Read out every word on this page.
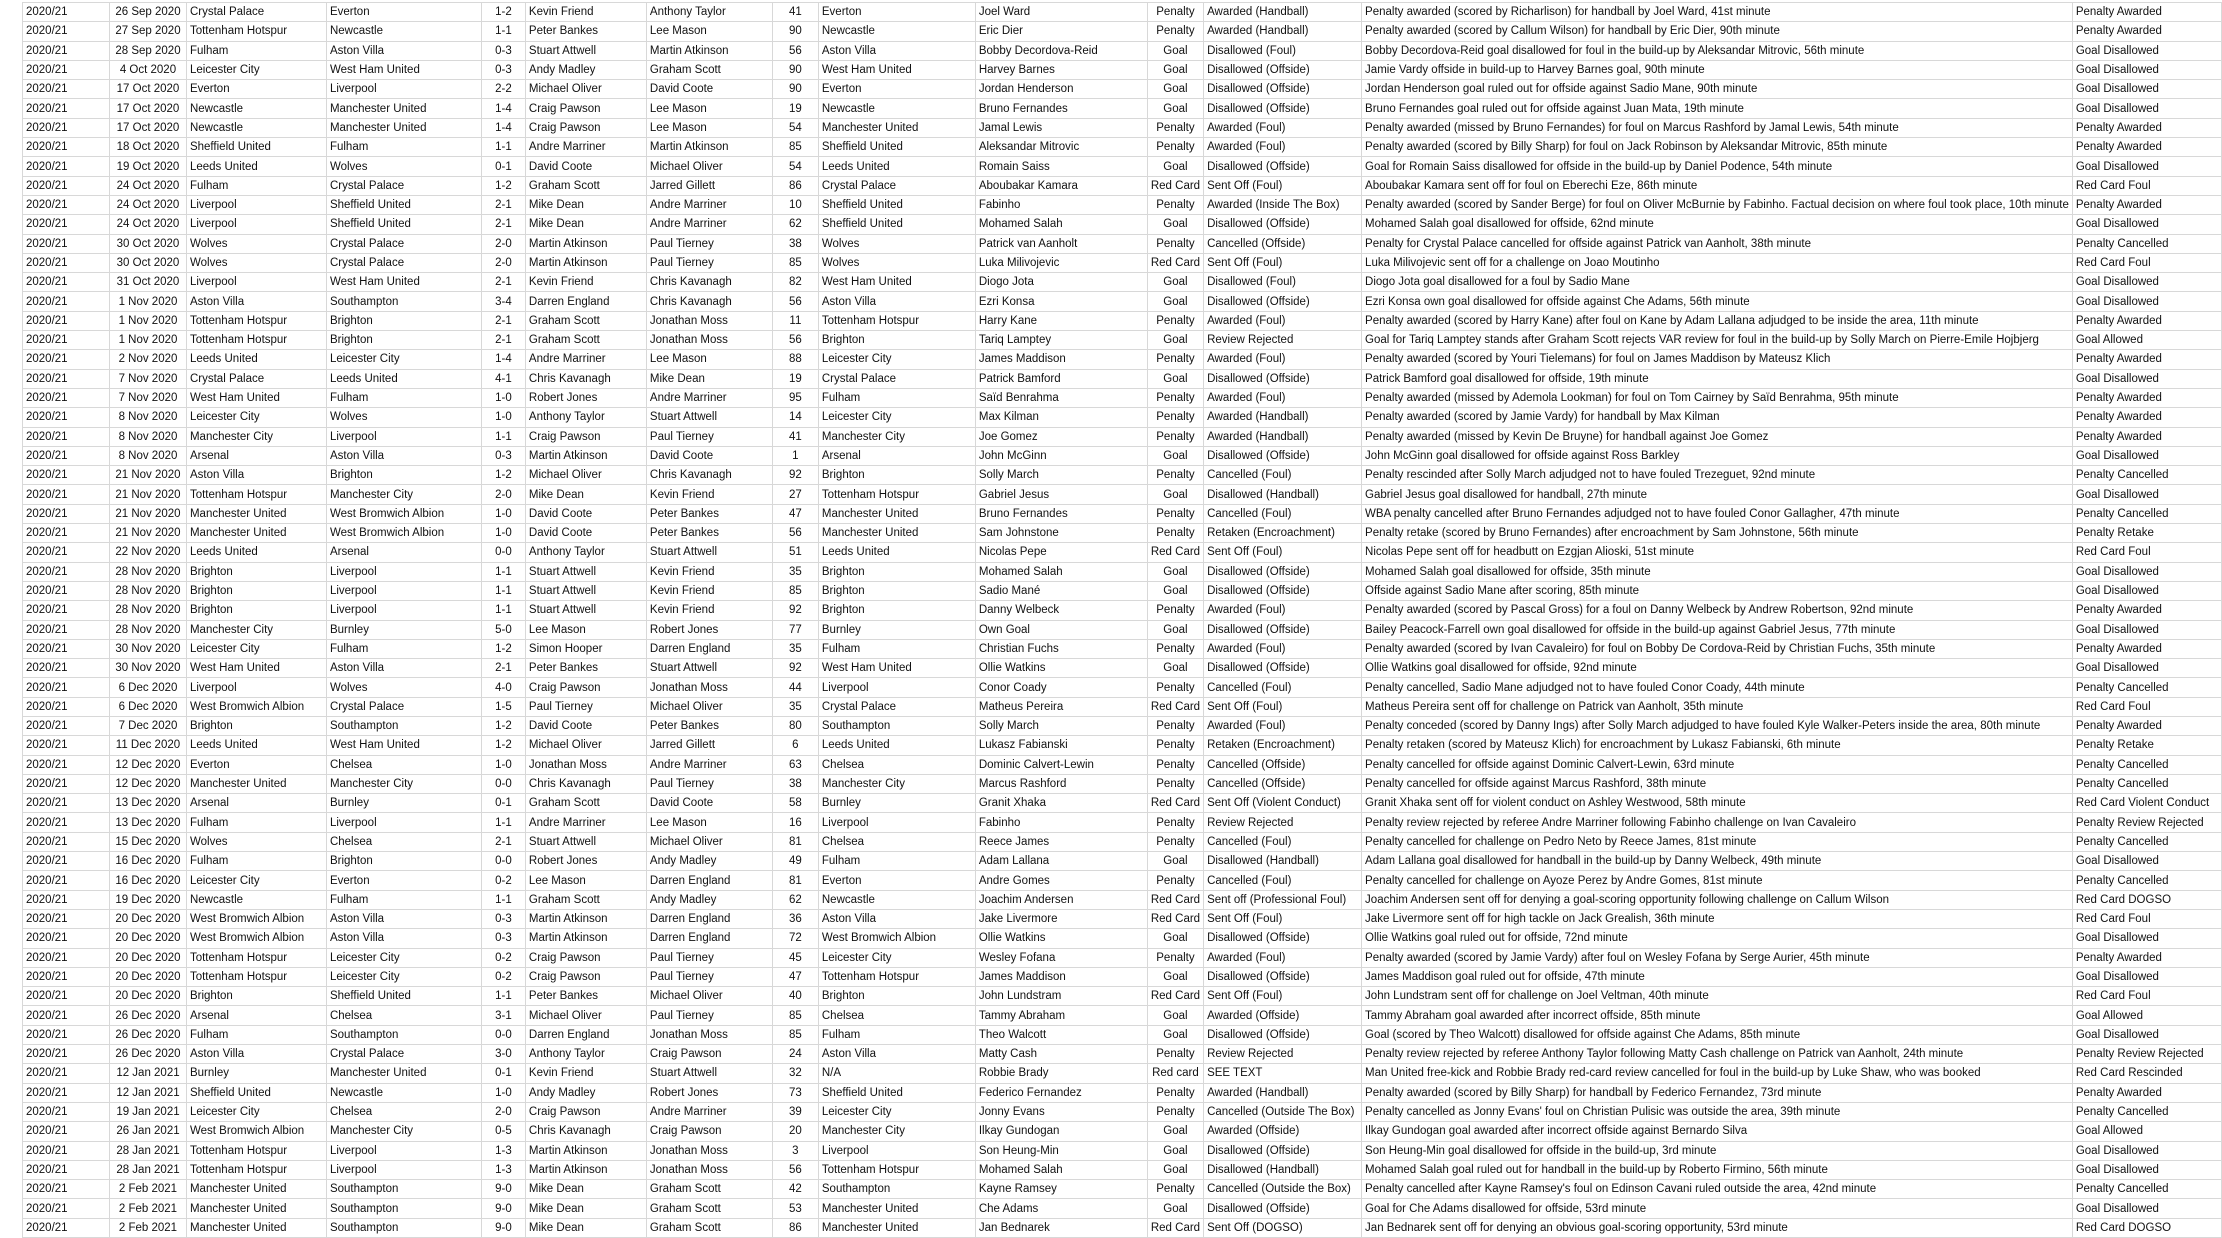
2020/21	26 Sep 2020	Crystal Palace	Everton	1-2	Kevin Friend	Anthony Taylor	41	Everton	Joel Ward	Penalty	Awarded (Handball)	Penalty awarded (scored by Richarlison) for handball by Joel Ward, 41st minute	Penalty Awarded
2020/21	27 Sep 2020	Tottenham Hotspur	Newcastle	1-1	Peter Bankes	Lee Mason	90	Newcastle	Eric Dier	Penalty	Awarded (Handball)	Penalty awarded (scored by Callum Wilson) for handball by Eric Dier, 90th minute	Penalty Awarded
2020/21	28 Sep 2020	Fulham	Aston Villa	0-3	Stuart Attwell	Martin Atkinson	56	Aston Villa	Bobby Decordova-Reid	Goal	Disallowed (Foul)	Bobby Decordova-Reid goal disallowed for foul in the build-up by Aleksandar Mitrovic, 56th minute	Goal Disallowed
2020/21	4 Oct 2020	Leicester City	West Ham United	0-3	Andy Madley	Graham Scott	90	West Ham United	Harvey Barnes	Goal	Disallowed (Offside)	Jamie Vardy offside in build-up to Harvey Barnes goal, 90th minute	Goal Disallowed
2020/21	17 Oct 2020	Everton	Liverpool	2-2	Michael Oliver	David Coote	90	Everton	Jordan Henderson	Goal	Disallowed (Offside)	Jordan Henderson goal ruled out for offside against Sadio Mane, 90th minute	Goal Disallowed
2020/21	17 Oct 2020	Newcastle	Manchester United	1-4	Craig Pawson	Lee Mason	19	Newcastle	Bruno Fernandes	Goal	Disallowed (Offside)	Bruno Fernandes goal ruled out for offside against Juan Mata, 19th minute	Goal Disallowed
2020/21	17 Oct 2020	Newcastle	Manchester United	1-4	Craig Pawson	Lee Mason	54	Manchester United	Jamal Lewis	Penalty	Awarded (Foul)	Penalty awarded (missed by Bruno Fernandes) for foul on Marcus Rashford by Jamal Lewis, 54th minute	Penalty Awarded
2020/21	18 Oct 2020	Sheffield United	Fulham	1-1	Andre Marriner	Martin Atkinson	85	Sheffield United	Aleksandar Mitrovic	Penalty	Awarded (Foul)	Penalty awarded (scored by Billy Sharp) for foul on Jack Robinson by Aleksandar Mitrovic, 85th minute	Penalty Awarded
2020/21	19 Oct 2020	Leeds United	Wolves	0-1	David Coote	Michael Oliver	54	Leeds United	Romain Saiss	Goal	Disallowed (Offside)	Goal for Romain Saiss disallowed for offside in the build-up by Daniel Podence, 54th minute	Goal Disallowed
2020/21	24 Oct 2020	Fulham	Crystal Palace	1-2	Graham Scott	Jarred Gillett	86	Crystal Palace	Aboubakar Kamara	Red Card	Sent Off (Foul)	Aboubakar Kamara sent off for foul on Eberechi Eze, 86th minute	Red Card Foul
2020/21	24 Oct 2020	Liverpool	Sheffield United	2-1	Mike Dean	Andre Marriner	10	Sheffield United	Fabinho	Penalty	Awarded (Inside The Box)	Penalty awarded (scored by Sander Berge) for foul on Oliver McBurnie by Fabinho. Factual decision on where foul took place, 10th minute	Penalty Awarded
2020/21	24 Oct 2020	Liverpool	Sheffield United	2-1	Mike Dean	Andre Marriner	62	Sheffield United	Mohamed Salah	Goal	Disallowed (Offside)	Mohamed Salah goal disallowed for offside, 62nd minute	Goal Disallowed
2020/21	30 Oct 2020	Wolves	Crystal Palace	2-0	Martin Atkinson	Paul Tierney	38	Wolves	Patrick van Aanholt	Penalty	Cancelled (Offside)	Penalty for Crystal Palace cancelled for offside against Patrick van Aanholt, 38th minute	Penalty Cancelled
2020/21	30 Oct 2020	Wolves	Crystal Palace	2-0	Martin Atkinson	Paul Tierney	85	Wolves	Luka Milivojevic	Red Card	Sent Off (Foul)	Luka Milivojevic sent off for a challenge on Joao Moutinho	Red Card Foul
2020/21	31 Oct 2020	Liverpool	West Ham United	2-1	Kevin Friend	Chris Kavanagh	82	West Ham United	Diogo Jota	Goal	Disallowed (Foul)	Diogo Jota goal disallowed for a foul by Sadio Mane	Goal Disallowed
2020/21	1 Nov 2020	Aston Villa	Southampton	3-4	Darren England	Chris Kavanagh	56	Aston Villa	Ezri Konsa	Goal	Disallowed (Offside)	Ezri Konsa own goal disallowed for offside against Che Adams, 56th minute	Goal Disallowed
2020/21	1 Nov 2020	Tottenham Hotspur	Brighton	2-1	Graham Scott	Jonathan Moss	11	Tottenham Hotspur	Harry Kane	Penalty	Awarded (Foul)	Penalty awarded (scored by Harry Kane) after foul on Kane by Adam Lallana adjudged to be inside the area, 11th minute	Penalty Awarded
2020/21	1 Nov 2020	Tottenham Hotspur	Brighton	2-1	Graham Scott	Jonathan Moss	56	Brighton	Tariq Lamptey	Goal	Review Rejected	Goal for Tariq Lamptey stands after Graham Scott rejects VAR review for foul in the build-up by Solly March on Pierre-Emile Hojbjerg	Goal Allowed
2020/21	2 Nov 2020	Leeds United	Leicester City	1-4	Andre Marriner	Lee Mason	88	Leicester City	James Maddison	Penalty	Awarded (Foul)	Penalty awarded (scored by Youri Tielemans) for foul on James Maddison by Mateusz Klich	Penalty Awarded
2020/21	7 Nov 2020	Crystal Palace	Leeds United	4-1	Chris Kavanagh	Mike Dean	19	Crystal Palace	Patrick Bamford	Goal	Disallowed (Offside)	Patrick Bamford goal disallowed for offside, 19th minute	Goal Disallowed
2020/21	7 Nov 2020	West Ham United	Fulham	1-0	Robert Jones	Andre Marriner	95	Fulham	Saïd Benrahma	Penalty	Awarded (Foul)	Penalty awarded (missed by Ademola Lookman) for foul on Tom Cairney by Saïd Benrahma, 95th minute	Penalty Awarded
2020/21	8 Nov 2020	Leicester City	Wolves	1-0	Anthony Taylor	Stuart Attwell	14	Leicester City	Max Kilman	Penalty	Awarded (Handball)	Penalty awarded (scored by Jamie Vardy) for handball by Max Kilman	Penalty Awarded
2020/21	8 Nov 2020	Manchester City	Liverpool	1-1	Craig Pawson	Paul Tierney	41	Manchester City	Joe Gomez	Penalty	Awarded (Handball)	Penalty awarded (missed by Kevin De Bruyne) for handball against Joe Gomez	Penalty Awarded
2020/21	8 Nov 2020	Arsenal	Aston Villa	0-3	Martin Atkinson	David Coote	1	Arsenal	John McGinn	Goal	Disallowed (Offside)	John McGinn goal disallowed for offside against Ross Barkley	Goal Disallowed
2020/21	21 Nov 2020	Aston Villa	Brighton	1-2	Michael Oliver	Chris Kavanagh	92	Brighton	Solly March	Penalty	Cancelled (Foul)	Penalty rescinded after Solly March adjudged not to have fouled Trezeguet, 92nd minute	Penalty Cancelled
2020/21	21 Nov 2020	Tottenham Hotspur	Manchester City	2-0	Mike Dean	Kevin Friend	27	Tottenham Hotspur	Gabriel Jesus	Goal	Disallowed (Handball)	Gabriel Jesus goal disallowed for handball, 27th minute	Goal Disallowed
2020/21	21 Nov 2020	Manchester United	West Bromwich Albion	1-0	David Coote	Peter Bankes	47	Manchester United	Bruno Fernandes	Penalty	Cancelled (Foul)	WBA penalty cancelled after Bruno Fernandes adjudged not to have fouled Conor Gallagher, 47th minute	Penalty Cancelled
2020/21	21 Nov 2020	Manchester United	West Bromwich Albion	1-0	David Coote	Peter Bankes	56	Manchester United	Sam Johnstone	Penalty	Retaken (Encroachment)	Penalty retake (scored by Bruno Fernandes) after encroachment by Sam Johnstone, 56th minute	Penalty Retake
2020/21	22 Nov 2020	Leeds United	Arsenal	0-0	Anthony Taylor	Stuart Attwell	51	Leeds United	Nicolas Pepe	Red Card	Sent Off (Foul)	Nicolas Pepe sent off for headbutt on Ezgjan Alioski, 51st minute	Red Card Foul
2020/21	28 Nov 2020	Brighton	Liverpool	1-1	Stuart Attwell	Kevin Friend	35	Brighton	Mohamed Salah	Goal	Disallowed (Offside)	Mohamed Salah goal disallowed for offside, 35th minute	Goal Disallowed
2020/21	28 Nov 2020	Brighton	Liverpool	1-1	Stuart Attwell	Kevin Friend	85	Brighton	Sadio Mané	Goal	Disallowed (Offside)	Offside against Sadio Mane after scoring, 85th minute	Goal Disallowed
2020/21	28 Nov 2020	Brighton	Liverpool	1-1	Stuart Attwell	Kevin Friend	92	Brighton	Danny Welbeck	Penalty	Awarded (Foul)	Penalty awarded (scored by Pascal Gross) for a foul on Danny Welbeck by Andrew Robertson, 92nd minute	Penalty Awarded
2020/21	28 Nov 2020	Manchester City	Burnley	5-0	Lee Mason	Robert Jones	77	Burnley	Own Goal	Goal	Disallowed (Offside)	Bailey Peacock-Farrell own goal disallowed for offside in the build-up against Gabriel Jesus, 77th minute	Goal Disallowed
2020/21	30 Nov 2020	Leicester City	Fulham	1-2	Simon Hooper	Darren England	35	Fulham	Christian Fuchs	Penalty	Awarded (Foul)	Penalty awarded (scored by Ivan Cavaleiro) for foul on Bobby De Cordova-Reid by Christian Fuchs, 35th minute	Penalty Awarded
2020/21	30 Nov 2020	West Ham United	Aston Villa	2-1	Peter Bankes	Stuart Attwell	92	West Ham United	Ollie Watkins	Goal	Disallowed (Offside)	Ollie Watkins goal disallowed for offside, 92nd minute	Goal Disallowed
2020/21	6 Dec 2020	Liverpool	Wolves	4-0	Craig Pawson	Jonathan Moss	44	Liverpool	Conor Coady	Penalty	Cancelled (Foul)	Penalty cancelled, Sadio Mane adjudged not to have fouled Conor Coady, 44th minute	Penalty Cancelled
2020/21	6 Dec 2020	West Bromwich Albion	Crystal Palace	1-5	Paul Tierney	Michael Oliver	35	Crystal Palace	Matheus Pereira	Red Card	Sent Off (Foul)	Matheus Pereira sent off for challenge on Patrick van Aanholt, 35th minute	Red Card Foul
2020/21	7 Dec 2020	Brighton	Southampton	1-2	David Coote	Peter Bankes	80	Southampton	Solly March	Penalty	Awarded (Foul)	Penalty conceded (scored by Danny Ings) after Solly March adjudged to have fouled Kyle Walker-Peters inside the area, 80th minute	Penalty Awarded
2020/21	11 Dec 2020	Leeds United	West Ham United	1-2	Michael Oliver	Jarred Gillett	6	Leeds United	Lukasz Fabianski	Penalty	Retaken (Encroachment)	Penalty retaken (scored by Mateusz Klich) for encroachment by Lukasz Fabianski, 6th minute	Penalty Retake
2020/21	12 Dec 2020	Everton	Chelsea	1-0	Jonathan Moss	Andre Marriner	63	Chelsea	Dominic Calvert-Lewin	Penalty	Cancelled (Offside)	Penalty cancelled for offside against Dominic Calvert-Lewin, 63rd minute	Penalty Cancelled
2020/21	12 Dec 2020	Manchester United	Manchester City	0-0	Chris Kavanagh	Paul Tierney	38	Manchester City	Marcus Rashford	Penalty	Cancelled (Offside)	Penalty cancelled for offside against Marcus Rashford, 38th minute	Penalty Cancelled
2020/21	13 Dec 2020	Arsenal	Burnley	0-1	Graham Scott	David Coote	58	Burnley	Granit Xhaka	Red Card	Sent Off (Violent Conduct)	Granit Xhaka sent off for violent conduct on Ashley Westwood, 58th minute	Red Card Violent Conduct
2020/21	13 Dec 2020	Fulham	Liverpool	1-1	Andre Marriner	Lee Mason	16	Liverpool	Fabinho	Penalty	Review Rejected	Penalty review rejected by referee Andre Marriner following Fabinho challenge on Ivan Cavaleiro	Penalty Review Rejected
2020/21	15 Dec 2020	Wolves	Chelsea	2-1	Stuart Attwell	Michael Oliver	81	Chelsea	Reece James	Penalty	Cancelled (Foul)	Penalty cancelled for challenge on Pedro Neto by Reece James, 81st minute	Penalty Cancelled
2020/21	16 Dec 2020	Fulham	Brighton	0-0	Robert Jones	Andy Madley	49	Fulham	Adam Lallana	Goal	Disallowed (Handball)	Adam Lallana goal disallowed for handball in the build-up by Danny Welbeck, 49th minute	Goal Disallowed
2020/21	16 Dec 2020	Leicester City	Everton	0-2	Lee Mason	Darren England	81	Everton	Andre Gomes	Penalty	Cancelled (Foul)	Penalty cancelled for challenge on Ayoze Perez by Andre Gomes, 81st minute	Penalty Cancelled
2020/21	19 Dec 2020	Newcastle	Fulham	1-1	Graham Scott	Andy Madley	62	Newcastle	Joachim Andersen	Red Card	Sent off (Professional Foul)	Joachim Andersen sent off for denying a goal-scoring opportunity following challenge on Callum Wilson	Red Card DOGSO
2020/21	20 Dec 2020	West Bromwich Albion	Aston Villa	0-3	Martin Atkinson	Darren England	36	Aston Villa	Jake Livermore	Red Card	Sent Off (Foul)	Jake Livermore sent off for high tackle on Jack Grealish, 36th minute	Red Card Foul
2020/21	20 Dec 2020	West Bromwich Albion	Aston Villa	0-3	Martin Atkinson	Darren England	72	West Bromwich Albion	Ollie Watkins	Goal	Disallowed (Offside)	Ollie Watkins goal ruled out for offside, 72nd minute	Goal Disallowed
2020/21	20 Dec 2020	Tottenham Hotspur	Leicester City	0-2	Craig Pawson	Paul Tierney	45	Leicester City	Wesley Fofana	Penalty	Awarded (Foul)	Penalty awarded (scored by Jamie Vardy) after foul on Wesley Fofana by Serge Aurier, 45th minute	Penalty Awarded
2020/21	20 Dec 2020	Tottenham Hotspur	Leicester City	0-2	Craig Pawson	Paul Tierney	47	Tottenham Hotspur	James Maddison	Goal	Disallowed (Offside)	James Maddison goal ruled out for offside, 47th minute	Goal Disallowed
2020/21	20 Dec 2020	Brighton	Sheffield United	1-1	Peter Bankes	Michael Oliver	40	Brighton	John Lundstram	Red Card	Sent Off (Foul)	John Lundstram sent off for challenge on Joel Veltman, 40th minute	Red Card Foul
2020/21	26 Dec 2020	Arsenal	Chelsea	3-1	Michael Oliver	Paul Tierney	85	Chelsea	Tammy Abraham	Goal	Awarded (Offside)	Tammy Abraham goal awarded after incorrect offside, 85th minute	Goal Allowed
2020/21	26 Dec 2020	Fulham	Southampton	0-0	Darren England	Jonathan Moss	85	Fulham	Theo Walcott	Goal	Disallowed (Offside)	Goal (scored by Theo Walcott) disallowed for offside against Che Adams, 85th minute	Goal Disallowed
2020/21	26 Dec 2020	Aston Villa	Crystal Palace	3-0	Anthony Taylor	Craig Pawson	24	Aston Villa	Matty Cash	Penalty	Review Rejected	Penalty review rejected by referee Anthony Taylor following Matty Cash challenge on Patrick van Aanholt, 24th minute	Penalty Review Rejected
2020/21	12 Jan 2021	Burnley	Manchester United	0-1	Kevin Friend	Stuart Attwell	32	N/A	Robbie Brady	Red card	SEE TEXT	Man United free-kick and Robbie Brady red-card review cancelled for foul in the build-up by Luke Shaw, who was booked	Red Card Rescinded
2020/21	12 Jan 2021	Sheffield United	Newcastle	1-0	Andy Madley	Robert Jones	73	Sheffield United	Federico Fernandez	Penalty	Awarded (Handball)	Penalty awarded (scored by Billy Sharp) for handball by Federico Fernandez, 73rd minute	Penalty Awarded
2020/21	19 Jan 2021	Leicester City	Chelsea	2-0	Craig Pawson	Andre Marriner	39	Leicester City	Jonny Evans	Penalty	Cancelled (Outside The Box)	Penalty cancelled as Jonny Evans' foul on Christian Pulisic was outside the area, 39th minute	Penalty Cancelled
2020/21	26 Jan 2021	West Bromwich Albion	Manchester City	0-5	Chris Kavanagh	Craig Pawson	20	Manchester City	Ilkay Gundogan	Goal	Awarded (Offside)	Ilkay Gundogan goal awarded after incorrect offside against Bernardo Silva	Goal Allowed
2020/21	28 Jan 2021	Tottenham Hotspur	Liverpool	1-3	Martin Atkinson	Jonathan Moss	3	Liverpool	Son Heung-Min	Goal	Disallowed (Offside)	Son Heung-Min goal disallowed for offside in the build-up, 3rd minute	Goal Disallowed
2020/21	28 Jan 2021	Tottenham Hotspur	Liverpool	1-3	Martin Atkinson	Jonathan Moss	56	Tottenham Hotspur	Mohamed Salah	Goal	Disallowed (Handball)	Mohamed Salah goal ruled out for handball in the build-up by Roberto Firmino, 56th minute	Goal Disallowed
2020/21	2 Feb 2021	Manchester United	Southampton	9-0	Mike Dean	Graham Scott	42	Southampton	Kayne Ramsey	Penalty	Cancelled (Outside the Box)	Penalty cancelled after Kayne Ramsey's foul on Edinson Cavani ruled outside the area, 42nd minute	Penalty Cancelled
2020/21	2 Feb 2021	Manchester United	Southampton	9-0	Mike Dean	Graham Scott	53	Manchester United	Che Adams	Goal	Disallowed (Offside)	Goal for Che Adams disallowed for offside, 53rd minute	Goal Disallowed
2020/21	2 Feb 2021	Manchester United	Southampton	9-0	Mike Dean	Graham Scott	86	Manchester United	Jan Bednarek	Red Card	Sent Off (DOGSO)	Jan Bednarek sent off for denying an obvious goal-scoring opportunity, 53rd minute	Red Card DOGSO
